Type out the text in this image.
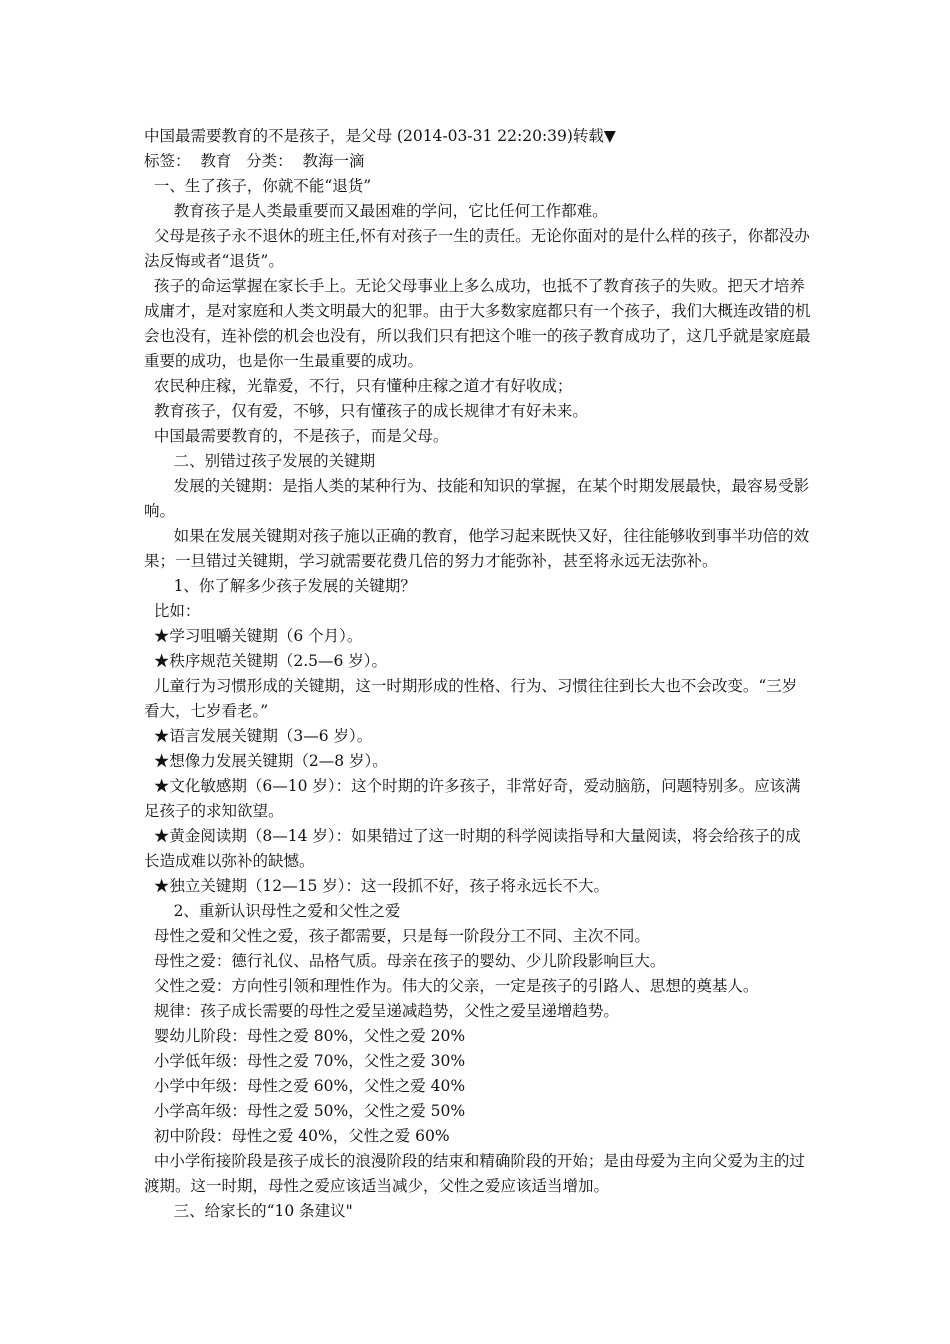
中国最需要教育的不是孩子，是父母 (2014-03-31 22:20:39)转载▼

标签：  教育   分类：  教海一滴

一、生了孩子，你就不能“退货”

教育孩子是人类最重要而又最困难的学问，它比任何工作都难。

父母是孩子永不退休的班主任,怀有对孩子一生的责任。无论你面对的是什么样的孩子，你都没办法反悔或者“退货”。

孩子的命运掌握在家长手上。无论父母事业上多么成功，也抵不了教育孩子的失败。把天才培养成庸才，是对家庭和人类文明最大的犯罪。由于大多数家庭都只有一个孩子，我们大概连改错的机会也没有，连补偿的机会也没有，所以我们只有把这个唯一的孩子教育成功了，这几乎就是家庭最重要的成功，也是你一生最重要的成功。

农民种庄稼，光靠爱，不行，只有懂种庄稼之道才有好收成；

教育孩子，仅有爱，不够，只有懂孩子的成长规律才有好未来。

中国最需要教育的，不是孩子，而是父母。

二、别错过孩子发展的关键期

发展的关键期：是指人类的某种行为、技能和知识的掌握，在某个时期发展最快，最容易受影响。

如果在发展关键期对孩子施以正确的教育，他学习起来既快又好，往往能够收到事半功倍的效果；一旦错过关键期，学习就需要花费几倍的努力才能弥补，甚至将永远无法弥补。

1、你了解多少孩子发展的关键期？

比如：

★学习咀嚼关键期（6 个月）。

★秩序规范关键期（2.5—6 岁）。

儿童行为习惯形成的关键期，这一时期形成的性格、行为、习惯往往到长大也不会改变。“三岁   看大，七岁看老。”

★语言发展关键期（3—6 岁）。

★想像力发展关键期（2—8 岁）。

★文化敏感期（6—10 岁）：这个时期的许多孩子，非常好奇，爱动脑筋，问题特别多。应该满足孩子的求知欲望。

★黄金阅读期（8—14 岁）：如果错过了这一时期的科学阅读指导和大量阅读，将会给孩子的成长造成难以弥补的缺憾。

★独立关键期（12—15 岁）：这一段抓不好，孩子将永远长不大。

2、重新认识母性之爱和父性之爱

母性之爱和父性之爱，孩子都需要，只是每一阶段分工不同、主次不同。

母性之爱：德行礼仪、品格气质。母亲在孩子的婴幼、少儿阶段影响巨大。

父性之爱：方向性引领和理性作为。伟大的父亲，一定是孩子的引路人、思想的奠基人。

规律：孩子成长需要的母性之爱呈递减趋势，父性之爱呈递增趋势。

婴幼儿阶段：母性之爱 80%，父性之爱 20%

小学低年级：母性之爱 70%，父性之爱 30%

小学中年级：母性之爱 60%，父性之爱 40%

小学高年级：母性之爱 50%，父性之爱 50%

初中阶段：母性之爱 40%，父性之爱 60%

中小学衔接阶段是孩子成长的浪漫阶段的结束和精确阶段的开始；是由母爱为主向父爱为主的过渡期。这一时期，母性之爱应该适当减少，父性之爱应该适当增加。

三、给家长的“10 条建议"
